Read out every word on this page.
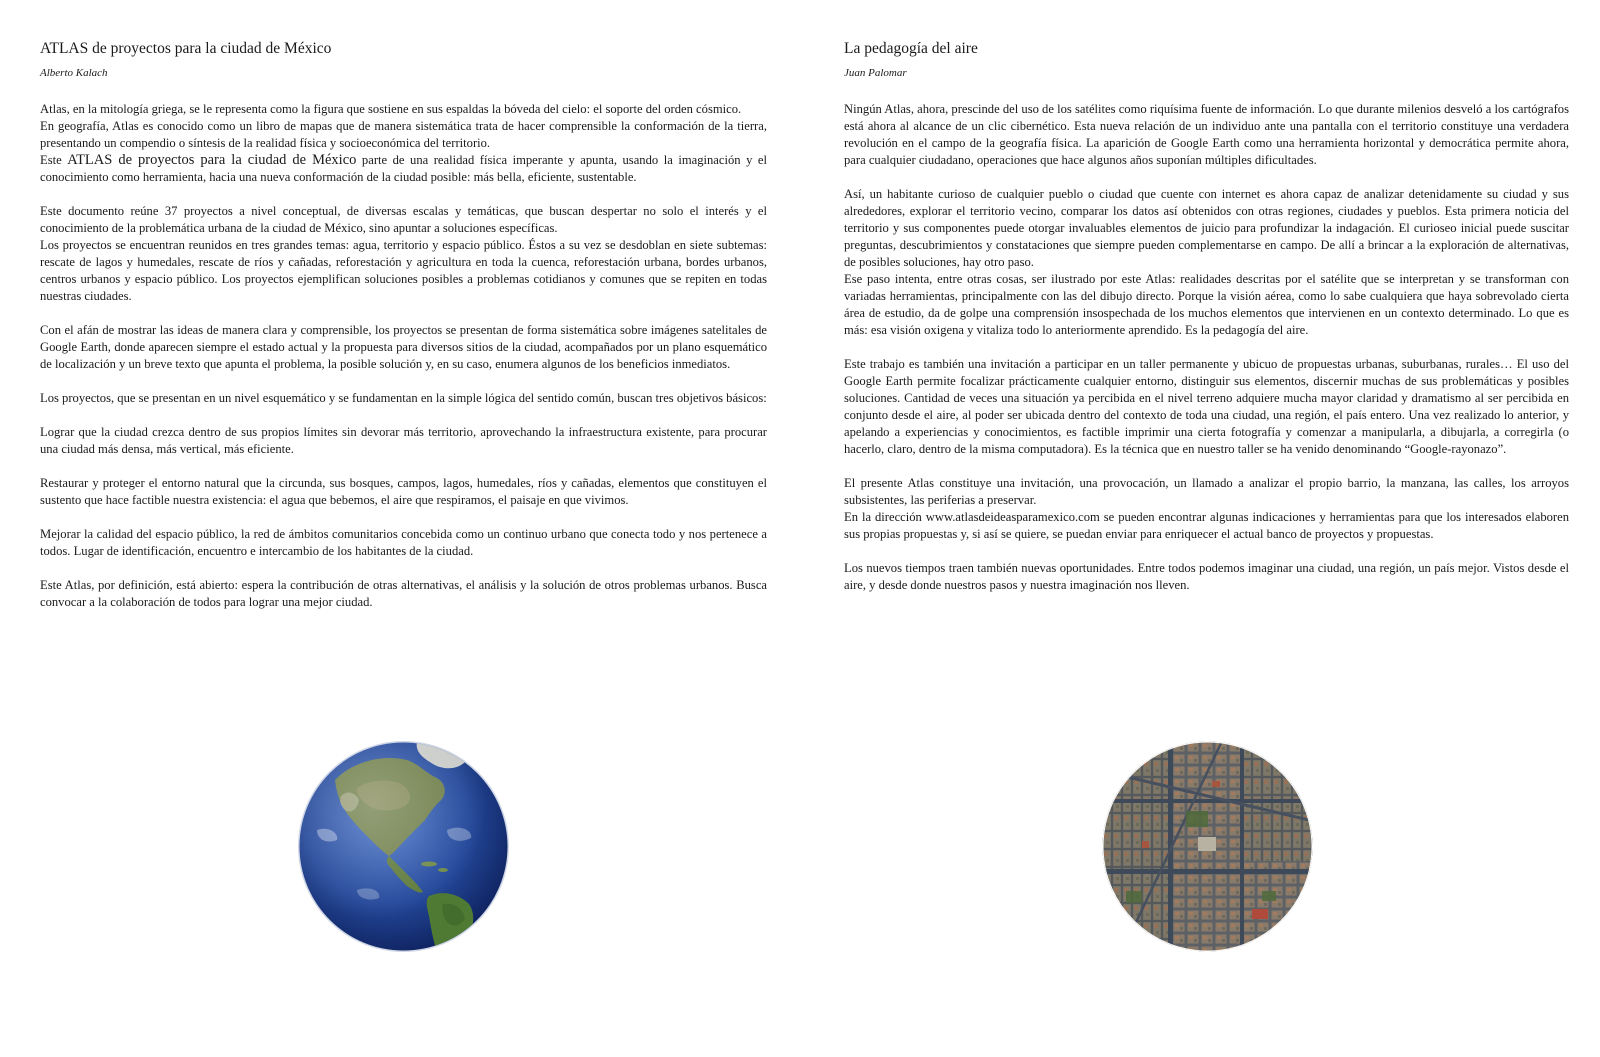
ATLAS de proyectos para la ciudad de México
Alberto Kalach

Atlas, en la mitología griega, se le representa como la figura que sostiene en sus espaldas la bóveda del cielo: el soporte del orden cósmico.

En geografía, Atlas es conocido como un libro de mapas que de manera sistemática trata de hacer comprensible la conformación de la tierra, presentando un compendio o síntesis de la realidad física y socioeconómica del territorio.

Este ATLAS de proyectos para la ciudad de México parte de una realidad física imperante y apunta, usando la imaginación y el conocimiento como herramienta, hacia una nueva conformación de la ciudad posible: más bella, eficiente, sustentable.

Este documento reúne 37 proyectos a nivel conceptual, de diversas escalas y temáticas, que buscan despertar no solo el interés y el conocimiento de la problemática urbana de la ciudad de México, sino apuntar a soluciones específicas.

Los proyectos se encuentran reunidos en tres grandes temas: agua, territorio y espacio público. Éstos a su vez se desdoblan en siete subtemas: rescate de lagos y humedales, rescate de ríos y cañadas, reforestación y agricultura en toda la cuenca, reforestación urbana, bordes urbanos, centros urbanos y espacio público. Los proyectos ejemplifican soluciones posibles a problemas cotidianos y comunes que se repiten en todas nuestras ciudades.

Con el afán de mostrar las ideas de manera clara y comprensible, los proyectos se presentan de forma sistemática sobre imágenes satelitales de Google Earth, donde aparecen siempre el estado actual y la propuesta para diversos sitios de la ciudad, acompañados por un plano esquemático de localización y un breve texto que apunta el problema, la posible solución y, en su caso, enumera algunos de los beneficios inmediatos.

Los proyectos, que se presentan en un nivel esquemático y se fundamentan en la simple lógica del sentido común, buscan tres objetivos básicos:

Lograr que la ciudad crezca dentro de sus propios límites sin devorar más territorio, aprovechando la infraestructura existente, para procurar una ciudad más densa, más vertical, más eficiente.

Restaurar y proteger el entorno natural que la circunda, sus bosques, campos, lagos, humedales, ríos y cañadas, elementos que constituyen el sustento que hace factible nuestra existencia: el agua que bebemos, el aire que respiramos, el paisaje en que vivimos.

Mejorar la calidad del espacio público, la red de ámbitos comunitarios concebida como un continuo urbano que conecta todo y nos pertenece a todos. Lugar de identificación, encuentro e intercambio de los habitantes de la ciudad.

Este Atlas, por definición, está abierto: espera la contribución de otras alternativas, el análisis y la solución de otros problemas urbanos. Busca convocar a la colaboración de todos para lograr una mejor ciudad.

La pedagogía del aire
Juan Palomar

Ningún Atlas, ahora, prescinde del uso de los satélites como riquísima fuente de información. Lo que durante milenios desveló a los cartógrafos está ahora al alcance de un clic cibernético. Esta nueva relación de un individuo ante una pantalla con el territorio constituye una verdadera revolución en el campo de la geografía física. La aparición de Google Earth como una herramienta horizontal y democrática permite ahora, para cualquier ciudadano, operaciones que hace algunos años suponían múltiples dificultades.

Así, un habitante curioso de cualquier pueblo o ciudad que cuente con internet es ahora capaz de analizar detenidamente su ciudad y sus alrededores, explorar el territorio vecino, comparar los datos así obtenidos con otras regiones, ciudades y pueblos. Esta primera noticia del territorio y sus componentes puede otorgar invaluables elementos de juicio para profundizar la indagación. El curioseo inicial puede suscitar preguntas, descubrimientos y constataciones que siempre pueden complementarse en campo. De allí a brincar a la exploración de alternativas, de posibles soluciones, hay otro paso.

Ese paso intenta, entre otras cosas, ser ilustrado por este Atlas: realidades descritas por el satélite que se interpretan y se transforman con variadas herramientas, principalmente con las del dibujo directo. Porque la visión aérea, como lo sabe cualquiera que haya sobrevolado cierta área de estudio, da de golpe una comprensión insospechada de los muchos elementos que intervienen en un contexto determinado. Lo que es más: esa visión oxigena y vitaliza todo lo anteriormente aprendido. Es la pedagogía del aire.

Este trabajo es también una invitación a participar en un taller permanente y ubicuo de propuestas urbanas, suburbanas, rurales… El uso del Google Earth permite focalizar prácticamente cualquier entorno, distinguir sus elementos, discernir muchas de sus problemáticas y posibles soluciones. Cantidad de veces una situación ya percibida en el nivel terreno adquiere mucha mayor claridad y dramatismo al ser percibida en conjunto desde el aire, al poder ser ubicada dentro del contexto de toda una ciudad, una región, el país entero. Una vez realizado lo anterior, y apelando a experiencias y conocimientos, es factible imprimir una cierta fotografía y comenzar a manipularla, a dibujarla, a corregirla (o hacerlo, claro, dentro de la misma computadora). Es la técnica que en nuestro taller se ha venido denominando “Google-rayonazo”.

El presente Atlas constituye una invitación, una provocación, un llamado a analizar el propio barrio, la manzana, las calles, los arroyos subsistentes, las periferias a preservar.

En la dirección www.atlasdeideasparamexico.com se pueden encontrar algunas indicaciones y herramientas para que los interesados elaboren sus propias propuestas y, si así se quiere, se puedan enviar para enriquecer el actual banco de proyectos y propuestas.

Los nuevos tiempos traen también nuevas oportunidades. Entre todos podemos imaginar una ciudad, una región, un país mejor. Vistos desde el aire, y desde donde nuestros pasos y nuestra imaginación nos lleven.
